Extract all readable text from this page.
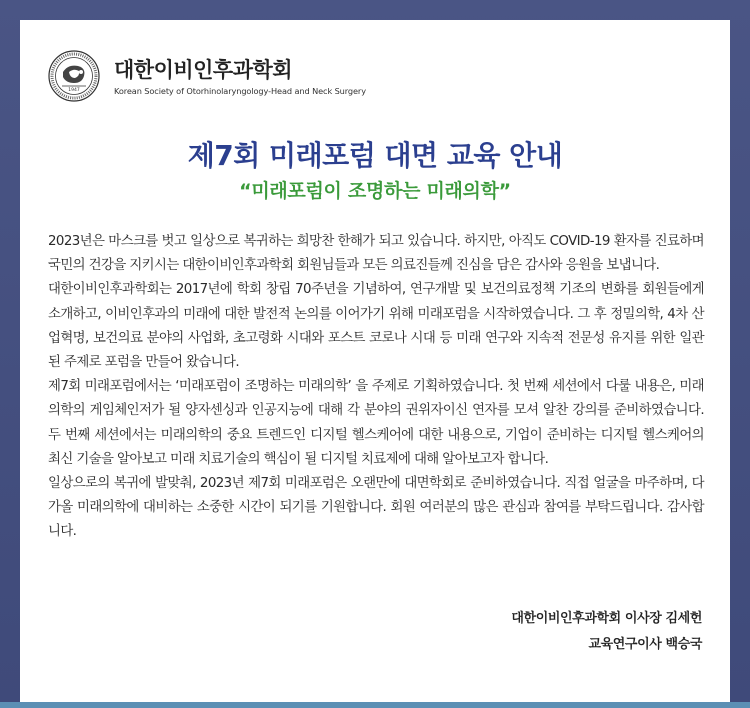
1947
대한이비인후과학회
Korean Society of Otorhinolaryngology-Head and Neck Surgery
제7회 미래포럼 대면 교육 안내
“미래포럼이 조명하는 미래의학”

2023년은 마스크를 벗고 일상으로 복귀하는 희망찬 한해가 되고 있습니다. 하지만, 아직도 COVID-19 환자를 진료하며 국민의 건강을 지키시는 대한이비인후과학회 회원님들과 모든 의료진들께 진심을 담은 감사와 응원을 보냅니다.

대한이비인후과학회는 2017년에 학회 창립 70주년을 기념하여, 연구개발 및 보건의료정책 기조의 변화를 회원들에게 소개하고, 이비인후과의 미래에 대한 발전적 논의를 이어가기 위해 미래포럼을 시작하였습니다. 그 후 정밀의학, 4차 산업혁명, 보건의료 분야의 사업화, 초고령화 시대와 포스트 코로나 시대 등 미래 연구와 지속적 전문성 유지를 위한 일관된 주제로 포럼을 만들어 왔습니다.

제7회 미래포럼에서는 ‘미래포럼이 조명하는 미래의학’ 을 주제로 기획하였습니다. 첫 번째 세션에서 다룰 내용은, 미래의학의 게임체인저가 될 양자센싱과 인공지능에 대해 각 분야의 권위자이신 연자를 모셔 알찬 강의를 준비하였습니다. 두 번째 세션에서는 미래의학의 중요 트렌드인 디지털 헬스케어에 대한 내용으로, 기업이 준비하는 디지털 헬스케어의 최신 기술을 알아보고 미래 치료기술의 핵심이 될 디지털 치료제에 대해 알아보고자 합니다.

일상으로의 복귀에 발맞춰, 2023년 제7회 미래포럼은 오랜만에 대면학회로 준비하였습니다. 직접 얼굴을 마주하며, 다가올 미래의학에 대비하는 소중한 시간이 되기를 기원합니다. 회원 여러분의 많은 관심과 참여를 부탁드립니다. 감사합니다.

대한이비인후과학회 이사장 김세헌
교육연구이사 백승국
